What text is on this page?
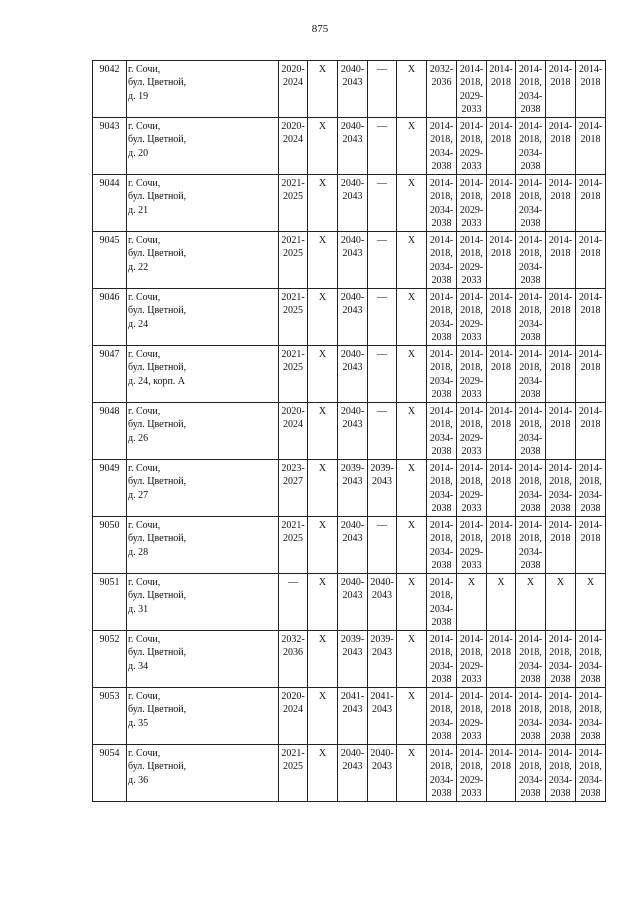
875
9042	г. Сочи,
бул. Цветной,
д. 19	2020-
2024	X	2040-
2043	—	X	2032-
2036	2014-
2018,
2029-
2033	2014-
2018	2014-
2018,
2034-
2038	2014-
2018	2014-
2018
9043	г. Сочи,
бул. Цветной,
д. 20	2020-
2024	X	2040-
2043	—	X	2014-
2018,
2034-
2038	2014-
2018,
2029-
2033	2014-
2018	2014-
2018,
2034-
2038	2014-
2018	2014-
2018
9044	г. Сочи,
бул. Цветной,
д. 21	2021-
2025	X	2040-
2043	—	X	2014-
2018,
2034-
2038	2014-
2018,
2029-
2033	2014-
2018	2014-
2018,
2034-
2038	2014-
2018	2014-
2018
9045	г. Сочи,
бул. Цветной,
д. 22	2021-
2025	X	2040-
2043	—	X	2014-
2018,
2034-
2038	2014-
2018,
2029-
2033	2014-
2018	2014-
2018,
2034-
2038	2014-
2018	2014-
2018
9046	г. Сочи,
бул. Цветной,
д. 24	2021-
2025	X	2040-
2043	—	X	2014-
2018,
2034-
2038	2014-
2018,
2029-
2033	2014-
2018	2014-
2018,
2034-
2038	2014-
2018	2014-
2018
9047	г. Сочи,
бул. Цветной,
д. 24, корп. А	2021-
2025	X	2040-
2043	—	X	2014-
2018,
2034-
2038	2014-
2018,
2029-
2033	2014-
2018	2014-
2018,
2034-
2038	2014-
2018	2014-
2018
9048	г. Сочи,
бул. Цветной,
д. 26	2020-
2024	X	2040-
2043	—	X	2014-
2018,
2034-
2038	2014-
2018,
2029-
2033	2014-
2018	2014-
2018,
2034-
2038	2014-
2018	2014-
2018
9049	г. Сочи,
бул. Цветной,
д. 27	2023-
2027	X	2039-
2043	2039-
2043	X	2014-
2018,
2034-
2038	2014-
2018,
2029-
2033	2014-
2018	2014-
2018,
2034-
2038	2014-
2018,
2034-
2038	2014-
2018,
2034-
2038
9050	г. Сочи,
бул. Цветной,
д. 28	2021-
2025	X	2040-
2043	—	X	2014-
2018,
2034-
2038	2014-
2018,
2029-
2033	2014-
2018	2014-
2018,
2034-
2038	2014-
2018	2014-
2018
9051	г. Сочи,
бул. Цветной,
д. 31	—	X	2040-
2043	2040-
2043	X	2014-
2018,
2034-
2038	X	X	X	X	X
9052	г. Сочи,
бул. Цветной,
д. 34	2032-
2036	X	2039-
2043	2039-
2043	X	2014-
2018,
2034-
2038	2014-
2018,
2029-
2033	2014-
2018	2014-
2018,
2034-
2038	2014-
2018,
2034-
2038	2014-
2018,
2034-
2038
9053	г. Сочи,
бул. Цветной,
д. 35	2020-
2024	X	2041-
2043	2041-
2043	X	2014-
2018,
2034-
2038	2014-
2018,
2029-
2033	2014-
2018	2014-
2018,
2034-
2038	2014-
2018,
2034-
2038	2014-
2018,
2034-
2038
9054	г. Сочи,
бул. Цветной,
д. 36	2021-
2025	X	2040-
2043	2040-
2043	X	2014-
2018,
2034-
2038	2014-
2018,
2029-
2033	2014-
2018	2014-
2018,
2034-
2038	2014-
2018,
2034-
2038	2014-
2018,
2034-
2038
